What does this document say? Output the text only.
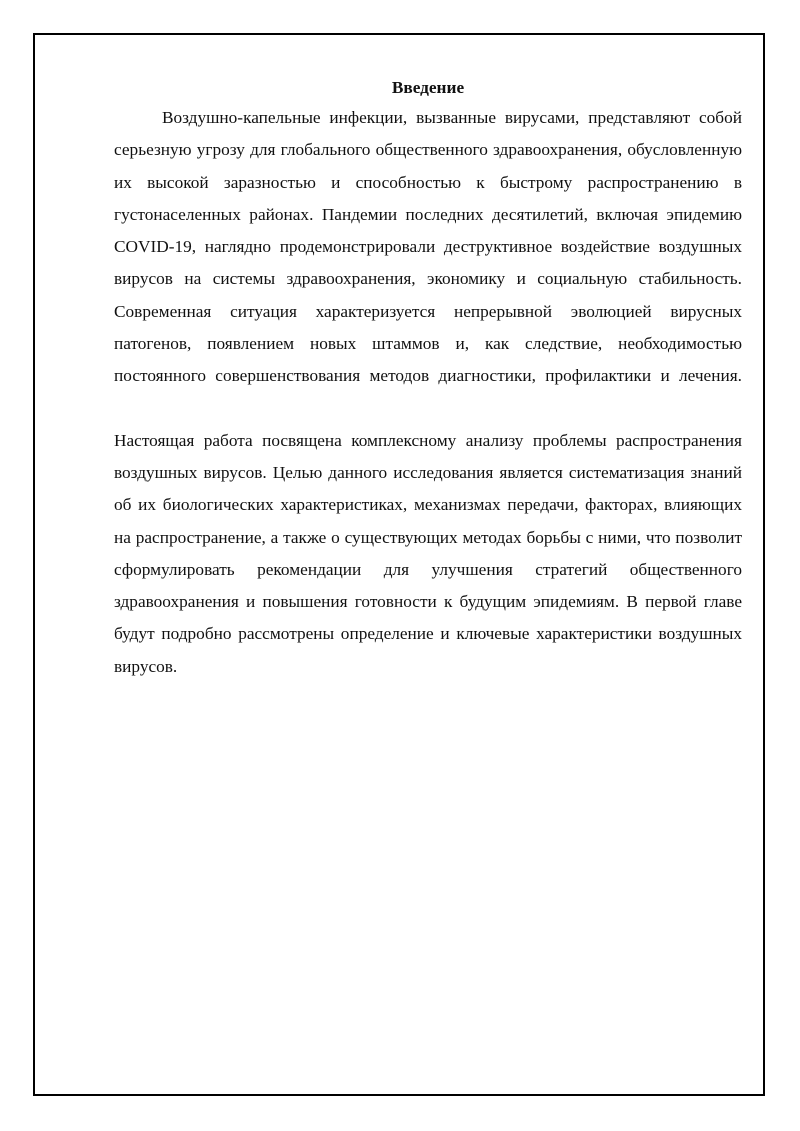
Введение

Воздушно-капельные инфекции, вызванные вирусами, представляют собой серьезную угрозу для глобального общественного здравоохранения, обусловленную их высокой заразностью и способностью к быстрому распространению в густонаселенных районах. Пандемии последних десятилетий, включая эпидемию COVID-19, наглядно продемонстрировали деструктивное воздействие воздушных вирусов на системы здравоохранения, экономику и социальную стабильность. Современная ситуация характеризуется непрерывной эволюцией вирусных патогенов, появлением новых штаммов и, как следствие, необходимостью постоянного совершенствования методов диагностики, профилактики и лечения.

Настоящая работа посвящена комплексному анализу проблемы распространения воздушных вирусов. Целью данного исследования является систематизация знаний об их биологических характеристиках, механизмах передачи, факторах, влияющих на распространение, а также о существующих методах борьбы с ними, что позволит сформулировать рекомендации для улучшения стратегий общественного здравоохранения и повышения готовности к будущим эпидемиям. В первой главе будут подробно рассмотрены определение и ключевые характеристики воздушных вирусов.
